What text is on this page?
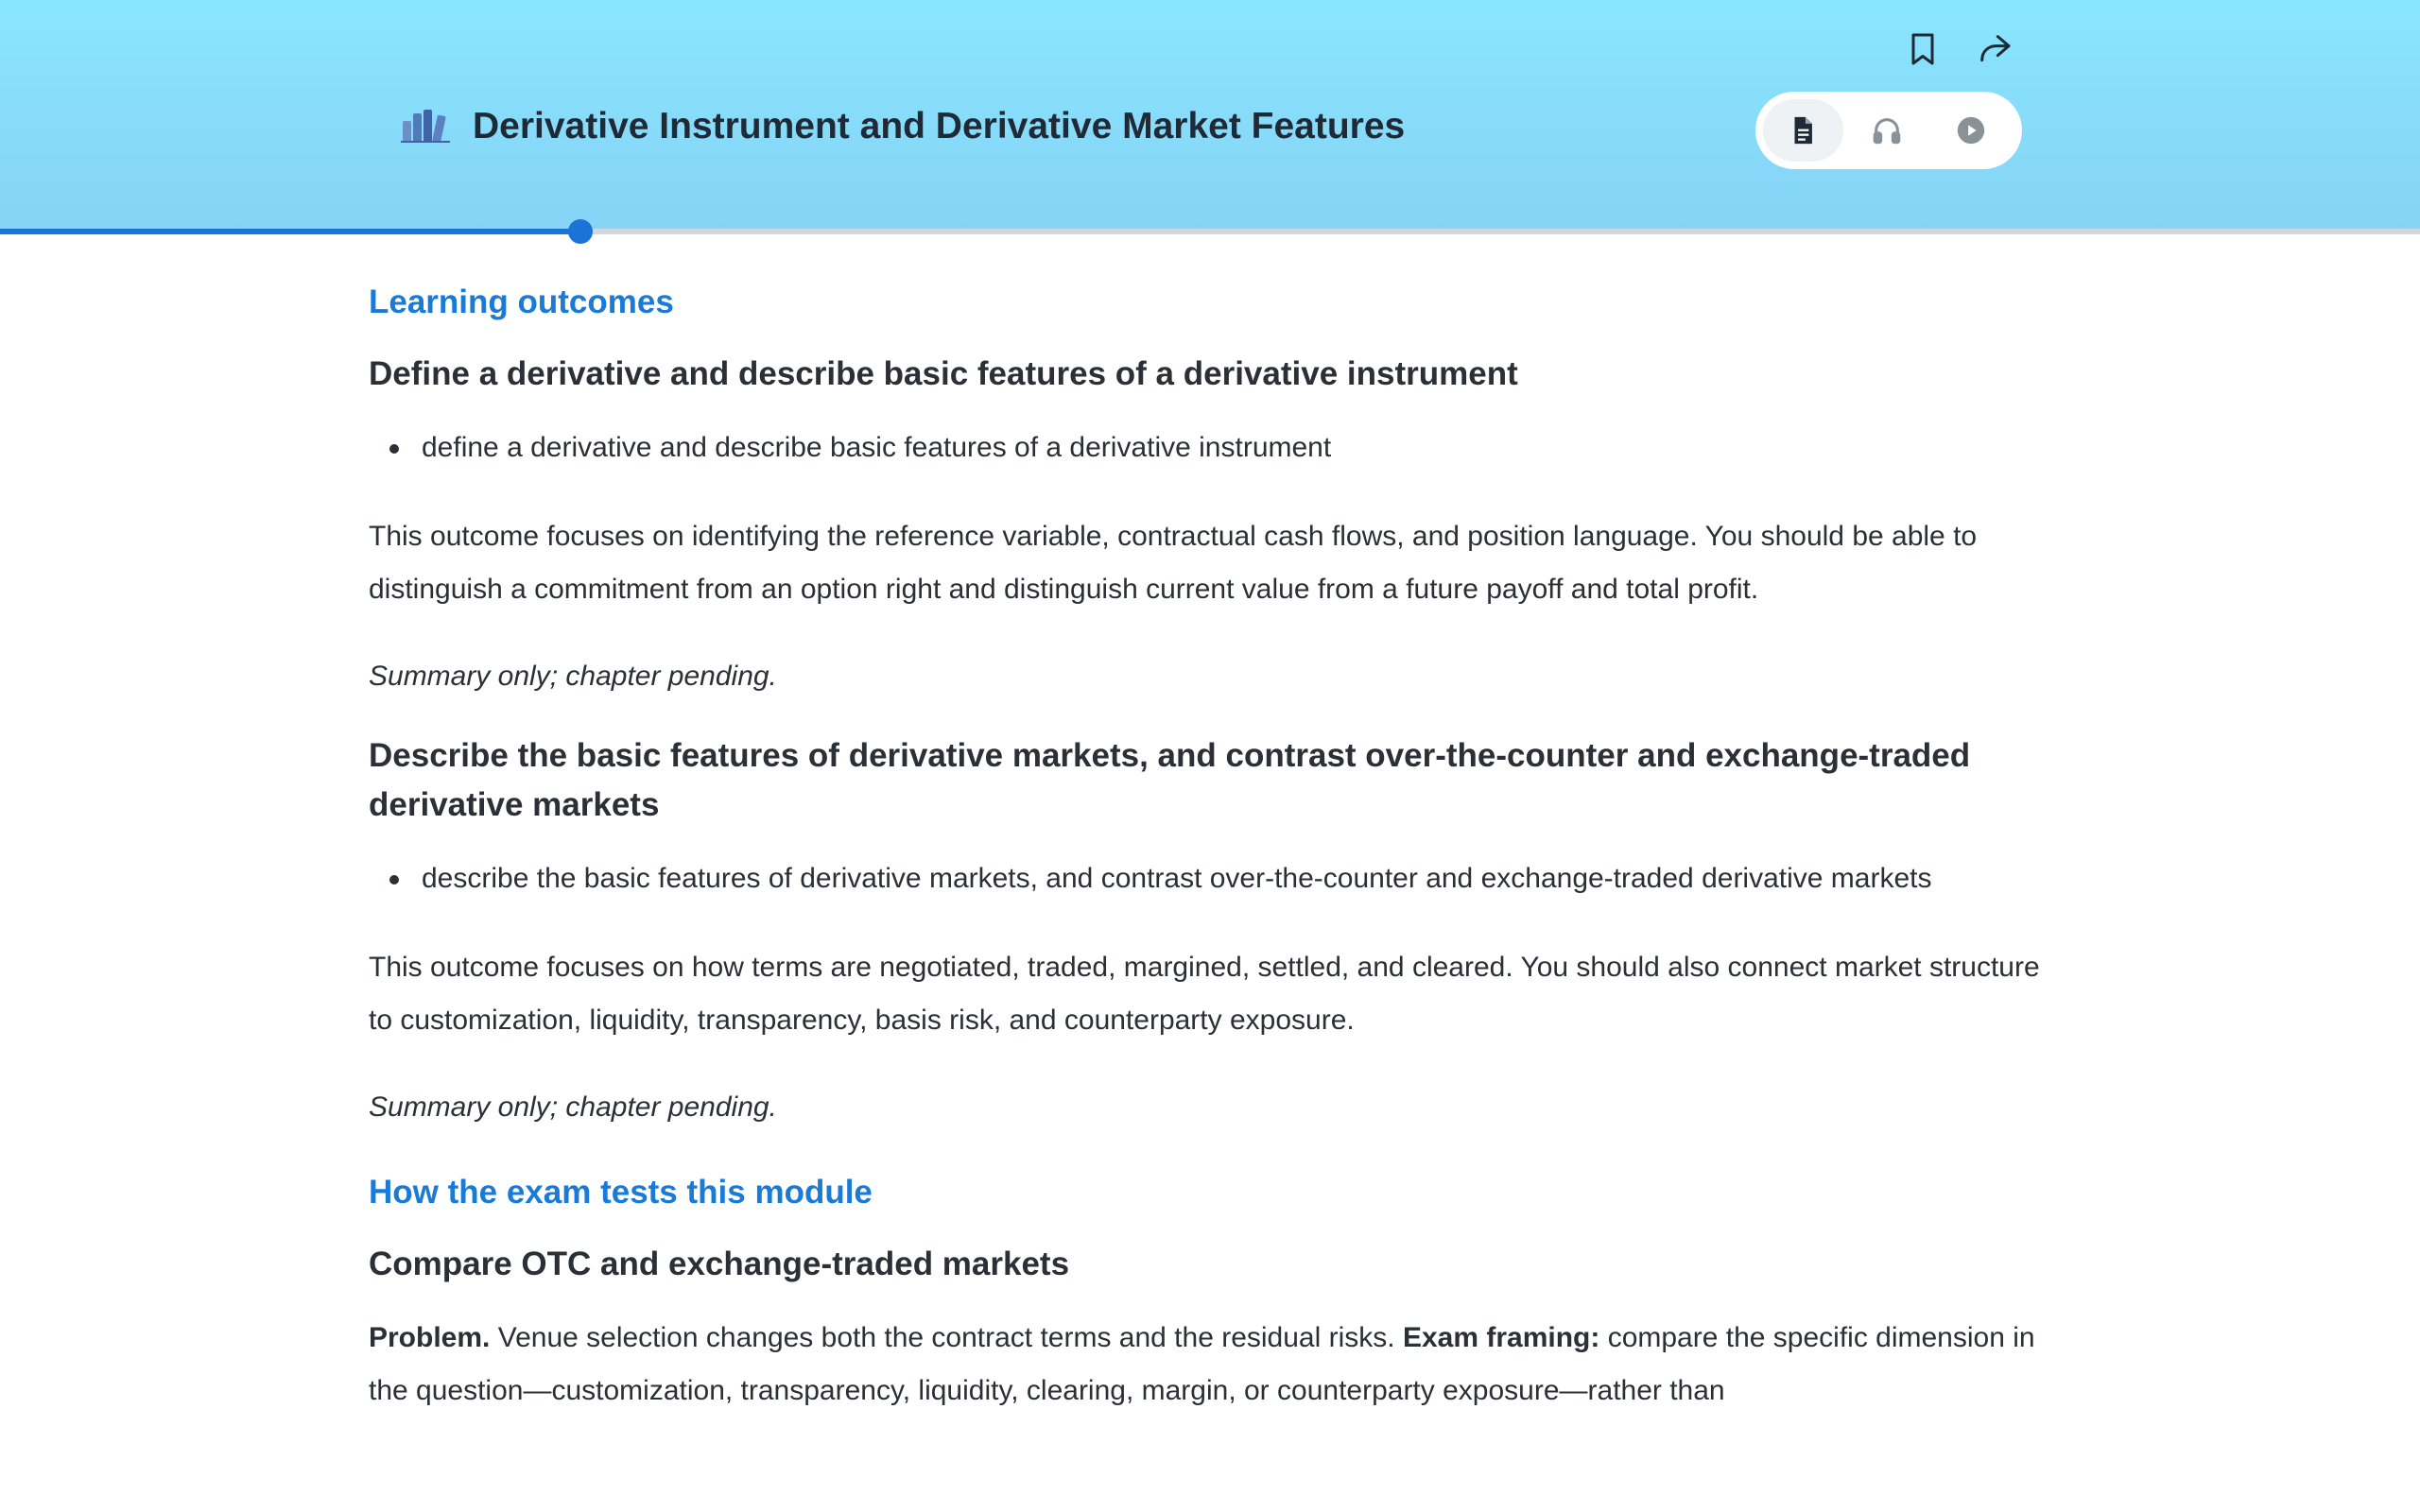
Derivative Instrument and Derivative Market Features
Learning outcomes
Define a derivative and describe basic features of a derivative instrument
define a derivative and describe basic features of a derivative instrument

This outcome focuses on identifying the reference variable, contractual cash flows, and position language. You should be able to distinguish a commitment from an option right and distinguish current value from a future payoff and total profit.

Summary only; chapter pending.

Describe the basic features of derivative markets, and contrast over-the-counter and exchange-traded derivative markets
describe the basic features of derivative markets, and contrast over-the-counter and exchange-traded derivative markets

This outcome focuses on how terms are negotiated, traded, margined, settled, and cleared. You should also connect market structure to customization, liquidity, transparency, basis risk, and counterparty exposure.

Summary only; chapter pending.

How the exam tests this module
Compare OTC and exchange-traded markets

Problem. Venue selection changes both the contract terms and the residual risks. Exam framing: compare the specific dimension in the question—customization, transparency, liquidity, clearing, margin, or counterparty exposure—rather than
